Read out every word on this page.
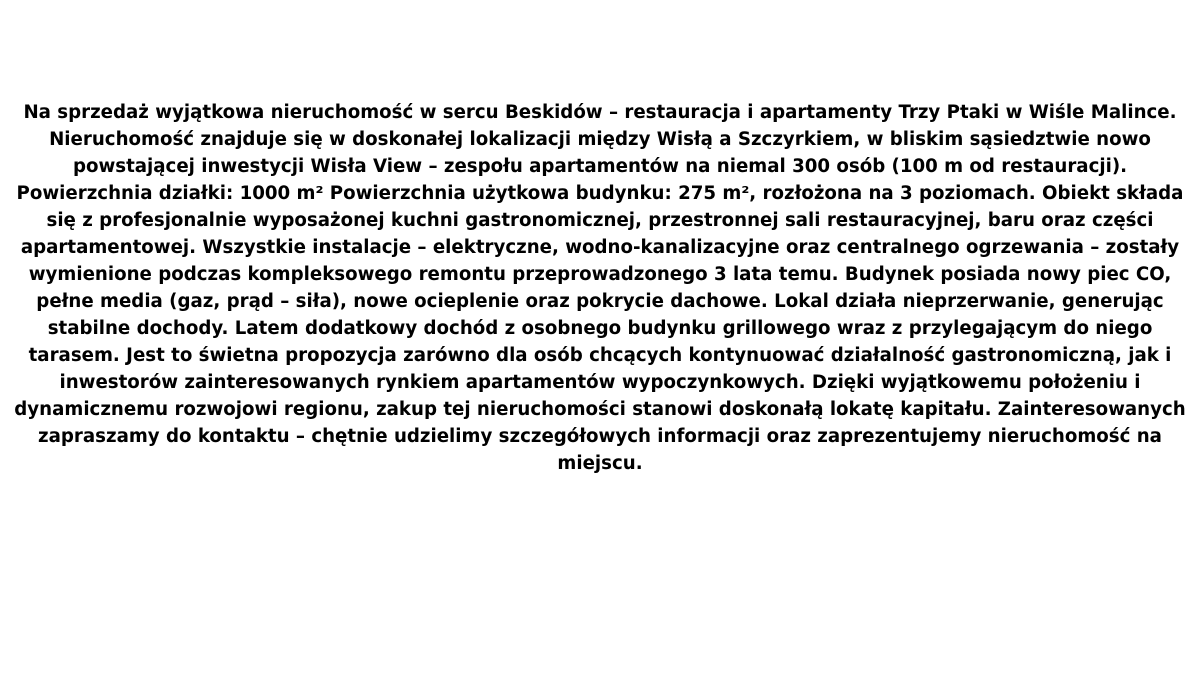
Na sprzedaż wyjątkowa nieruchomość w sercu Beskidów – restauracja i apartamenty Trzy Ptaki w Wiśle Malince. Nieruchomość znajduje się w doskonałej lokalizacji między Wisłą a Szczyrkiem, w bliskim sąsiedztwie nowo powstającej inwestycji Wisła View – zespołu apartamentów na niemal 300 osób (100 m od restauracji). Powierzchnia działki: 1000 m² Powierzchnia użytkowa budynku: 275 m², rozłożona na 3 poziomach. Obiekt składa się z profesjonalnie wyposażonej kuchni gastronomicznej, przestronnej sali restauracyjnej, baru oraz części apartamentowej. Wszystkie instalacje – elektryczne, wodno-kanalizacyjne oraz centralnego ogrzewania – zostały wymienione podczas kompleksowego remontu przeprowadzonego 3 lata temu. Budynek posiada nowy piec CO, pełne media (gaz, prąd – siła), nowe ocieplenie oraz pokrycie dachowe. Lokal działa nieprzerwanie, generując stabilne dochody. Latem dodatkowy dochód z osobnego budynku grillowego wraz z przylegającym do niego tarasem. Jest to świetna propozycja zarówno dla osób chcących kontynuować działalność gastronomiczną, jak i inwestorów zainteresowanych rynkiem apartamentów wypoczynkowych. Dzięki wyjątkowemu położeniu i dynamicznemu rozwojowi regionu, zakup tej nieruchomości stanowi doskonałą lokatę kapitału. Zainteresowanych zapraszamy do kontaktu – chętnie udzielimy szczegółowych informacji oraz zaprezentujemy nieruchomość na miejscu.
